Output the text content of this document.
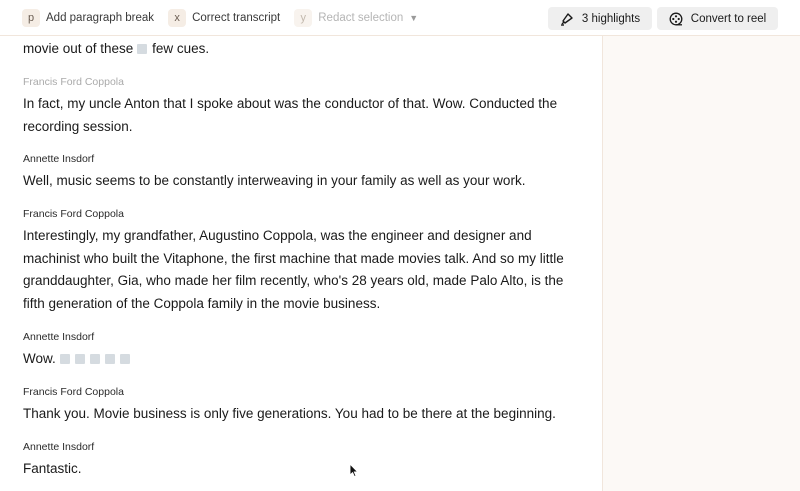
p	Add paragraph break	x	Correct transcript	y	Redact selection ▼	3 highlights	Convert to reel
movie out of these few cues.
Francis Ford Coppola
In fact, my uncle Anton that I spoke about was the conductor of that. Wow. Conducted the recording session.
Annette Insdorf
Well, music seems to be constantly interweaving in your family as well as your work.
Francis Ford Coppola
Interestingly, my grandfather, Augustino Coppola, was the engineer and designer and machinist who built the Vitaphone, the first machine that made movies talk. And so my little granddaughter, Gia, who made her film recently, who's 28 years old, made Palo Alto, is the fifth generation of the Coppola family in the movie business.
Annette Insdorf
Wow.
Francis Ford Coppola
Thank you. Movie business is only five generations. You had to be there at the beginning.
Annette Insdorf
Fantastic.
